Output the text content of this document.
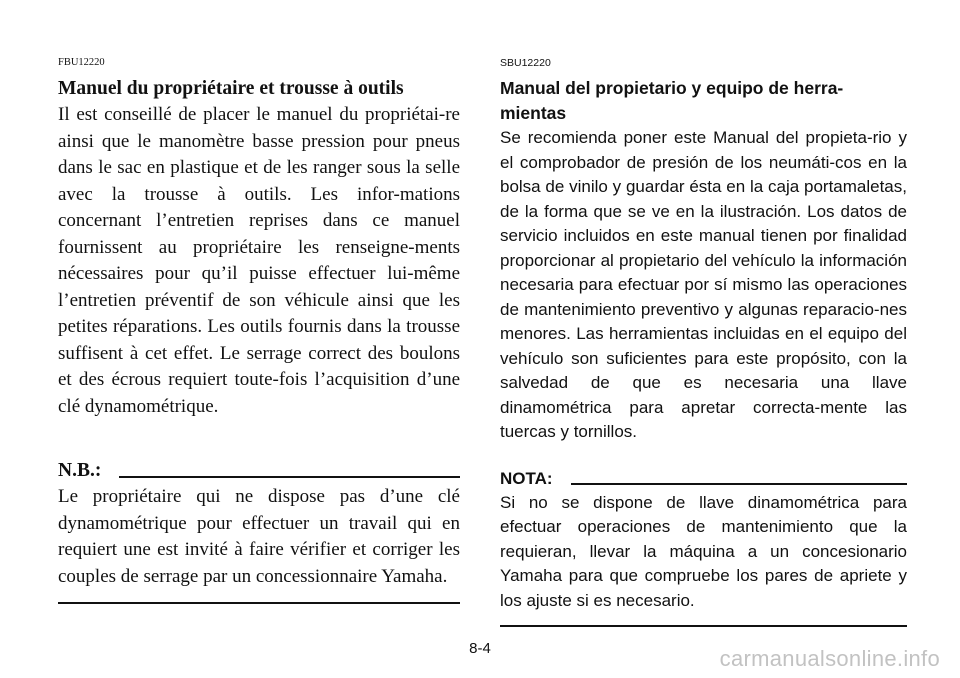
FBU12220
Manuel du propriétaire et trousse à outils
Il est conseillé de placer le manuel du propriétai-re ainsi que le manomètre basse pression pour pneus dans le sac en plastique et de les ranger sous la selle avec la trousse à outils. Les infor-mations concernant l’entretien reprises dans ce manuel fournissent au propriétaire les renseigne-ments nécessaires pour qu’il puisse effectuer lui-même l’entretien préventif de son véhicule ainsi que les petites réparations. Les outils fournis dans la trousse suffisent à cet effet. Le serrage correct des boulons et des écrous requiert toute-fois l’acquisition d’une clé dynamométrique.
N.B.:
Le propriétaire qui ne dispose pas d’une clé dynamométrique pour effectuer un travail qui en requiert une est invité à faire vérifier et corriger les couples de serrage par un concessionnaire Yamaha.
SBU12220
Manual del propietario y equipo de herra-mientas
Se recomienda poner este Manual del propieta-rio y el comprobador de presión de los neumáti-cos en la bolsa de vinilo y guardar ésta en la caja portamaletas, de la forma que se ve en la ilustración. Los datos de servicio incluidos en este manual tienen por finalidad proporcionar al propietario del vehículo la información necesaria para efectuar por sí mismo las operaciones de mantenimiento preventivo y algunas reparacio-nes menores. Las herramientas incluidas en el equipo del vehículo son suficientes para este propósito, con la salvedad de que es necesaria una llave dinamométrica para apretar correcta-mente las tuercas y tornillos.
NOTA:
Si no se dispone de llave dinamométrica para efectuar operaciones de mantenimiento que la requieran, llevar la máquina a un concesionario Yamaha para que compruebe los pares de apriete y los ajuste si es necesario.
8-4	carmanualsonline.info
